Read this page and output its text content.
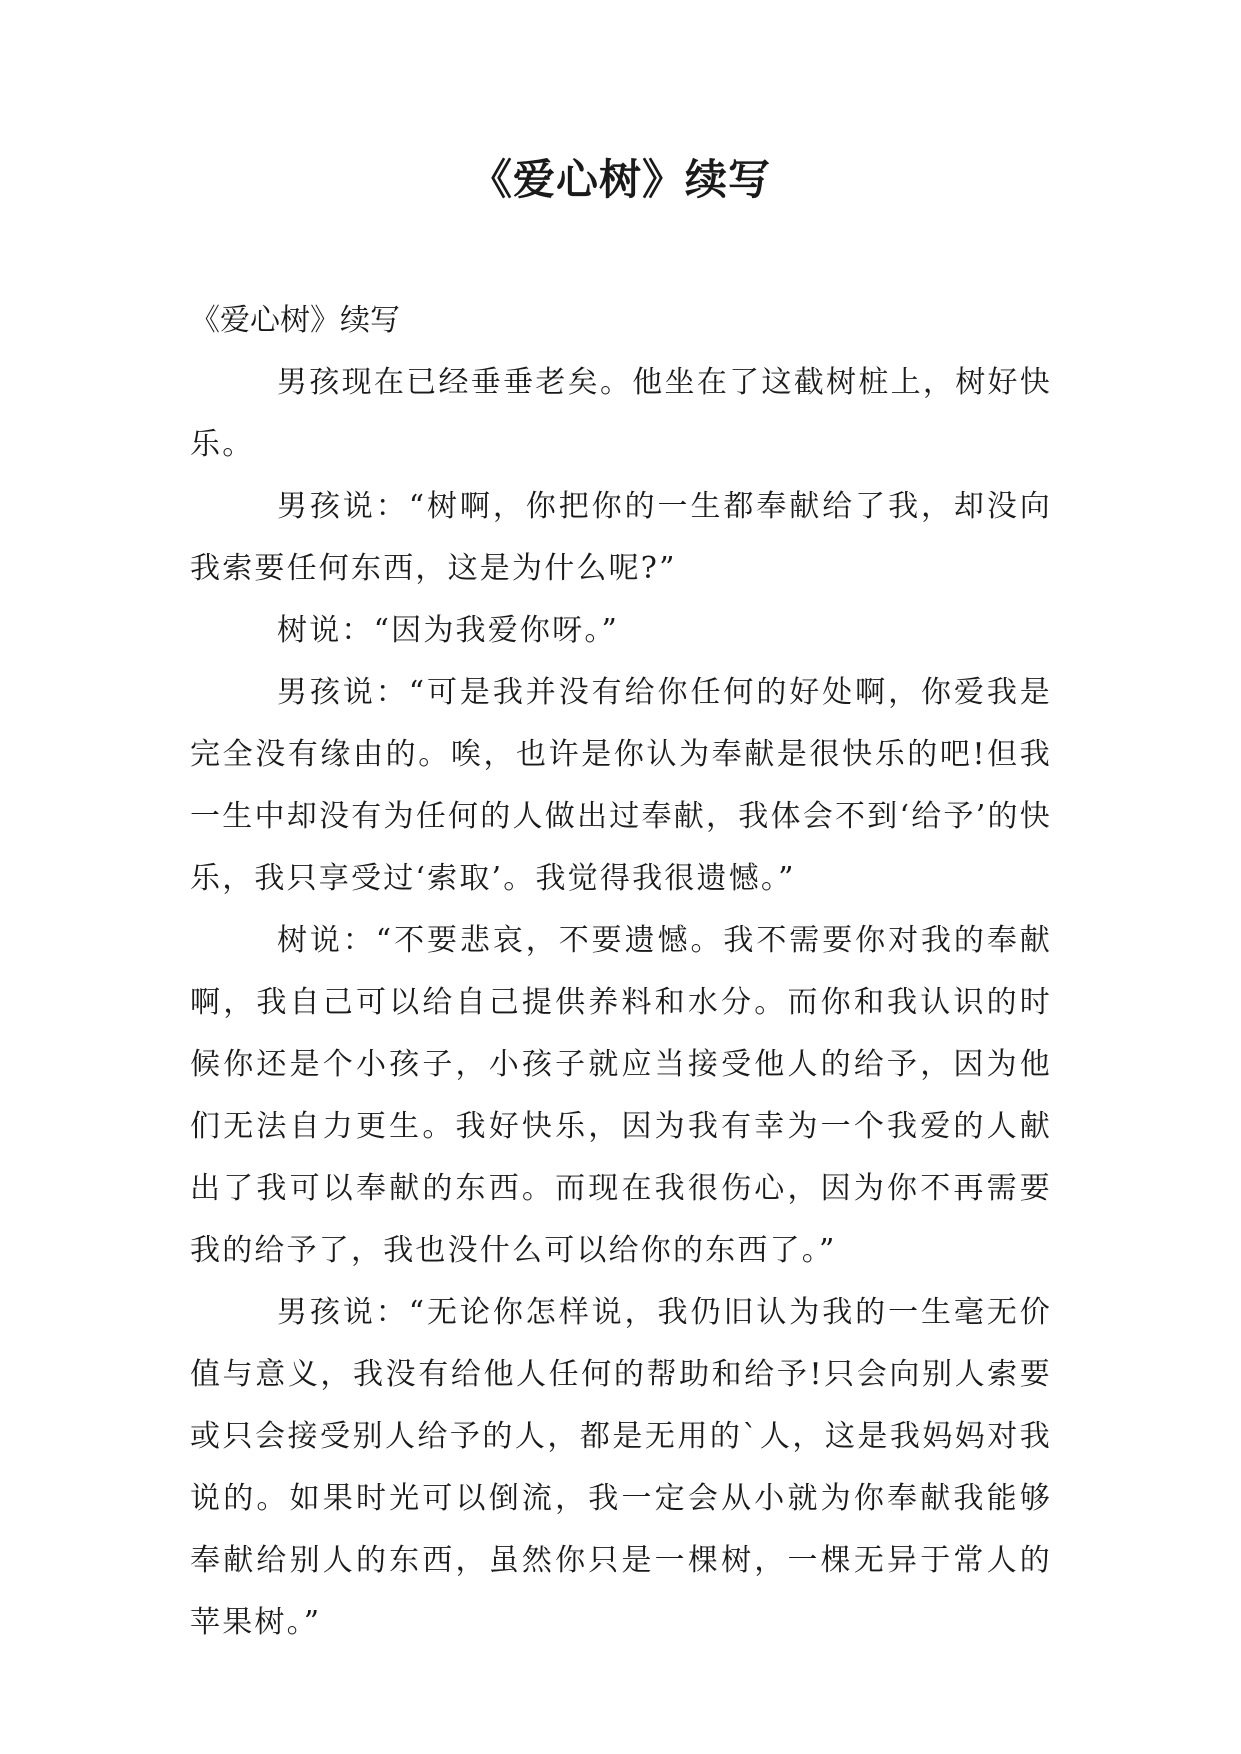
《爱心树》续写

《爱心树》续写

男孩现在已经垂垂老矣。他坐在了这截树桩上，树好快乐。

男孩说：“树啊，你把你的一生都奉献给了我，却没向我索要任何东西，这是为什么呢?”

树说：“因为我爱你呀。”

男孩说：“可是我并没有给你任何的好处啊，你爱我是完全没有缘由的。唉，也许是你认为奉献是很快乐的吧!但我一生中却没有为任何的人做出过奉献，我体会不到‘给予’的快乐，我只享受过‘索取’。我觉得我很遗憾。”

树说：“不要悲哀，不要遗憾。我不需要你对我的奉献啊，我自己可以给自己提供养料和水分。而你和我认识的时候你还是个小孩子，小孩子就应当接受他人的给予，因为他们无法自力更生。我好快乐，因为我有幸为一个我爱的人献出了我可以奉献的东西。而现在我很伤心，因为你不再需要我的给予了，我也没什么可以给你的东西了。”

男孩说：“无论你怎样说，我仍旧认为我的一生毫无价值与意义，我没有给他人任何的帮助和给予!只会向别人索要或只会接受别人给予的人，都是无用的`人，这是我妈妈对我说的。如果时光可以倒流，我一定会从小就为你奉献我能够奉献给别人的东西，虽然你只是一棵树，一棵无异于常人的苹果树。”
